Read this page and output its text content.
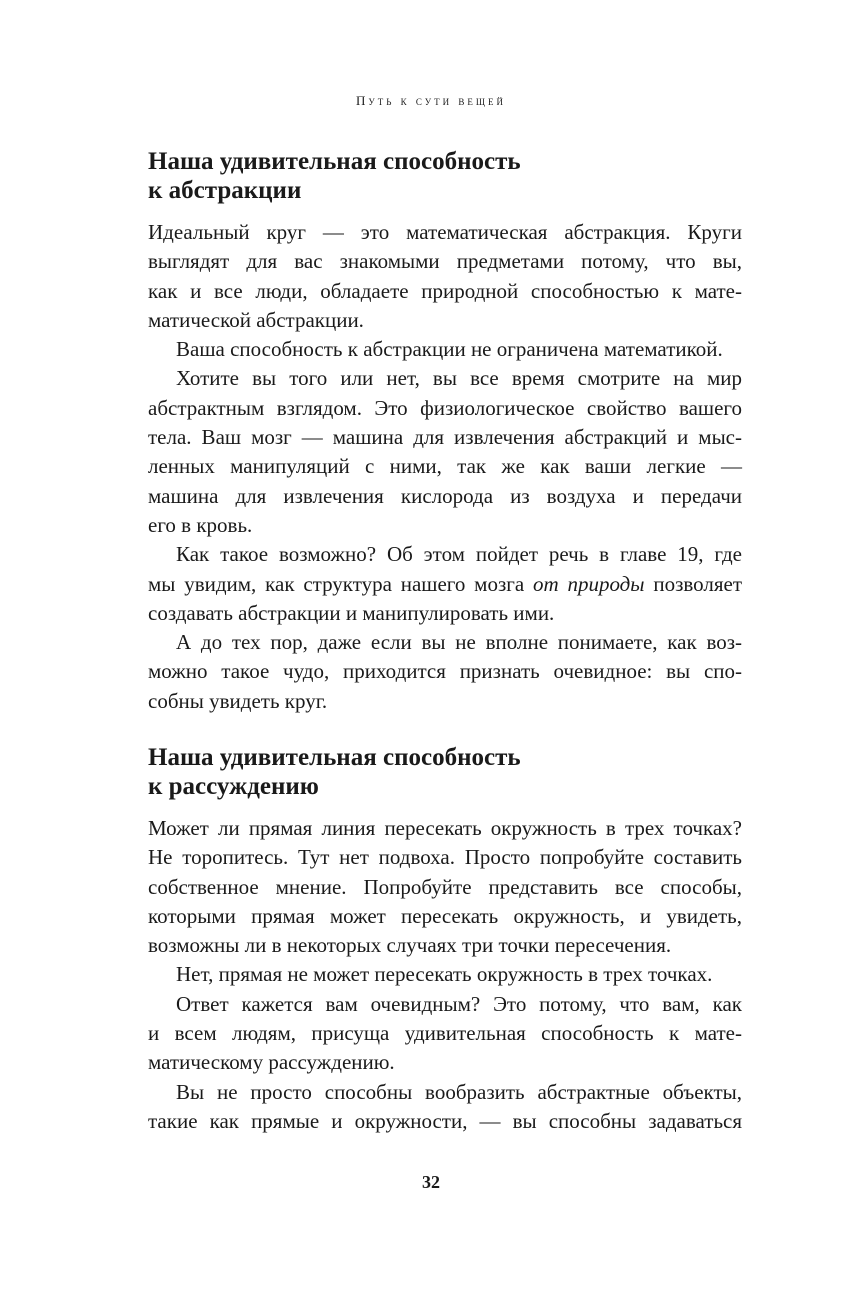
Путь к сути вещей
Наша удивительная способность
к абстракции
Идеальный круг — это математическая абстракция. Круги
выглядят для вас знакомыми предметами потому, что вы,
как и все люди, обладаете природной способностью к мате-
матической абстракции.
Ваша способность к абстракции не ограничена математикой.
Хотите вы того или нет, вы все время смотрите на мир
абстрактным взглядом. Это физиологическое свойство вашего
тела. Ваш мозг — машина для извлечения абстракций и мыс-
ленных манипуляций с ними, так же как ваши легкие —
машина для извлечения кислорода из воздуха и передачи
его в кровь.
Как такое возможно? Об этом пойдет речь в главе 19, где
мы увидим, как структура нашего мозга от природы позволяет
создавать абстракции и манипулировать ими.
А до тех пор, даже если вы не вполне понимаете, как воз-
можно такое чудо, приходится признать очевидное: вы спо-
собны увидеть круг.
Наша удивительная способность
к рассуждению
Может ли прямая линия пересекать окружность в трех точках?
Не торопитесь. Тут нет подвоха. Просто попробуйте составить
собственное мнение. Попробуйте представить все способы,
которыми прямая может пересекать окружность, и увидеть,
возможны ли в некоторых случаях три точки пересечения.
Нет, прямая не может пересекать окружность в трех точках.
Ответ кажется вам очевидным? Это потому, что вам, как
и всем людям, присуща удивительная способность к мате-
матическому рассуждению.
Вы не просто способны вообразить абстрактные объекты,
такие как прямые и окружности, — вы способны задаваться
32
